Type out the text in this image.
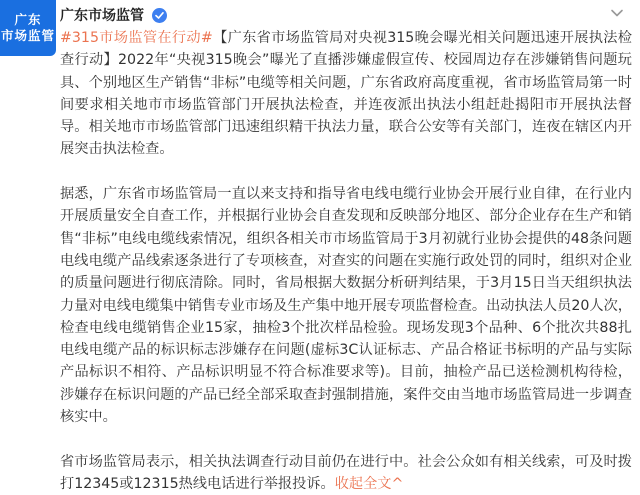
广东
市场监管
广东市场监管

#315市场监管在行动#【广东省市场监管局对央视315晚会曝光相关问题迅速开展执法检查行动】2022年“央视315晚会”曝光了直播涉嫌虚假宣传、校园周边存在涉嫌销售问题玩具、个别地区生产销售“非标”电缆等相关问题，广东省政府高度重视，省市场监管局第一时间要求相关地市市场监管部门开展执法检查，并连夜派出执法小组赶赴揭阳市开展执法督导。相关地市市场监管部门迅速组织精干执法力量，联合公安等有关部门，连夜在辖区内开展突击执法检查。

据悉，广东省市场监管局一直以来支持和指导省电线电缆行业协会开展行业自律，在行业内开展质量安全自查工作，并根据行业协会自查发现和反映部分地区、部分企业存在生产和销售“非标”电线电缆线索情况，组织各相关市市场监管局于3月初就行业协会提供的48条问题电线电缆产品线索逐条进行了专项核查，对查实的问题在实施行政处罚的同时，组织对企业的质量问题进行彻底清除。同时，省局根据大数据分析研判结果，于3月15日当天组织执法力量对电线电缆集中销售专业市场及生产集中地开展专项监督检查。出动执法人员20人次，检查电线电缆销售企业15家，抽检3个批次样品检验。现场发现3个品种、6个批次共88扎电线电缆产品的标识标志涉嫌存在问题(虚标3C认证标志、产品合格证书标明的产品与实际产品标识不相符、产品标识明显不符合标准要求等)。目前，抽检产品已送检测机构待检，涉嫌存在标识问题的产品已经全部采取查封强制措施，案件交由当地市场监管局进一步调查核实中。

省市场监管局表示，相关执法调查行动目前仍在进行中。社会公众如有相关线索，可及时拨打12345或12315热线电话进行举报投诉。收起全文^
